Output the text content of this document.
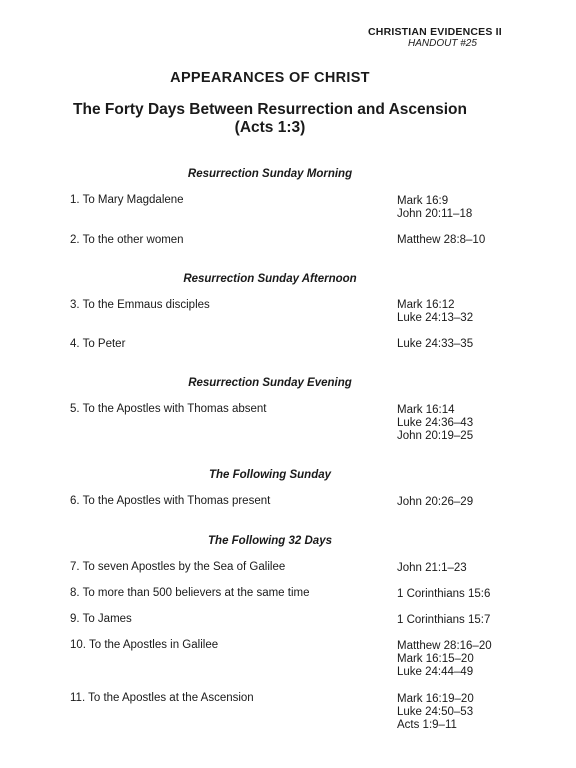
CHRISTIAN EVIDENCES II
HANDOUT #25
APPEARANCES OF CHRIST
The Forty Days Between Resurrection and Ascension
(Acts 1:3)
Resurrection Sunday Morning
Resurrection Sunday Afternoon
Resurrection Sunday Evening
The Following Sunday
The Following 32 Days
1. To Mary Magdalene	Mark 16:9
John 20:11–18
2. To the other women	Matthew 28:8–10
3. To the Emmaus disciples	Mark 16:12
Luke 24:13–32
4. To Peter	Luke 24:33–35
5. To the Apostles with Thomas absent	Mark 16:14
Luke 24:36–43
John 20:19–25
6. To the Apostles with Thomas present	John 20:26–29
7. To seven Apostles by the Sea of Galilee	John 21:1–23
8. To more than 500 believers at the same time	1 Corinthians 15:6
9. To James	1 Corinthians 15:7
10. To the Apostles in Galilee	Matthew 28:16–20
Mark 16:15–20
Luke 24:44–49
11. To the Apostles at the Ascension	Mark 16:19–20
Luke 24:50–53
Acts 1:9–11
